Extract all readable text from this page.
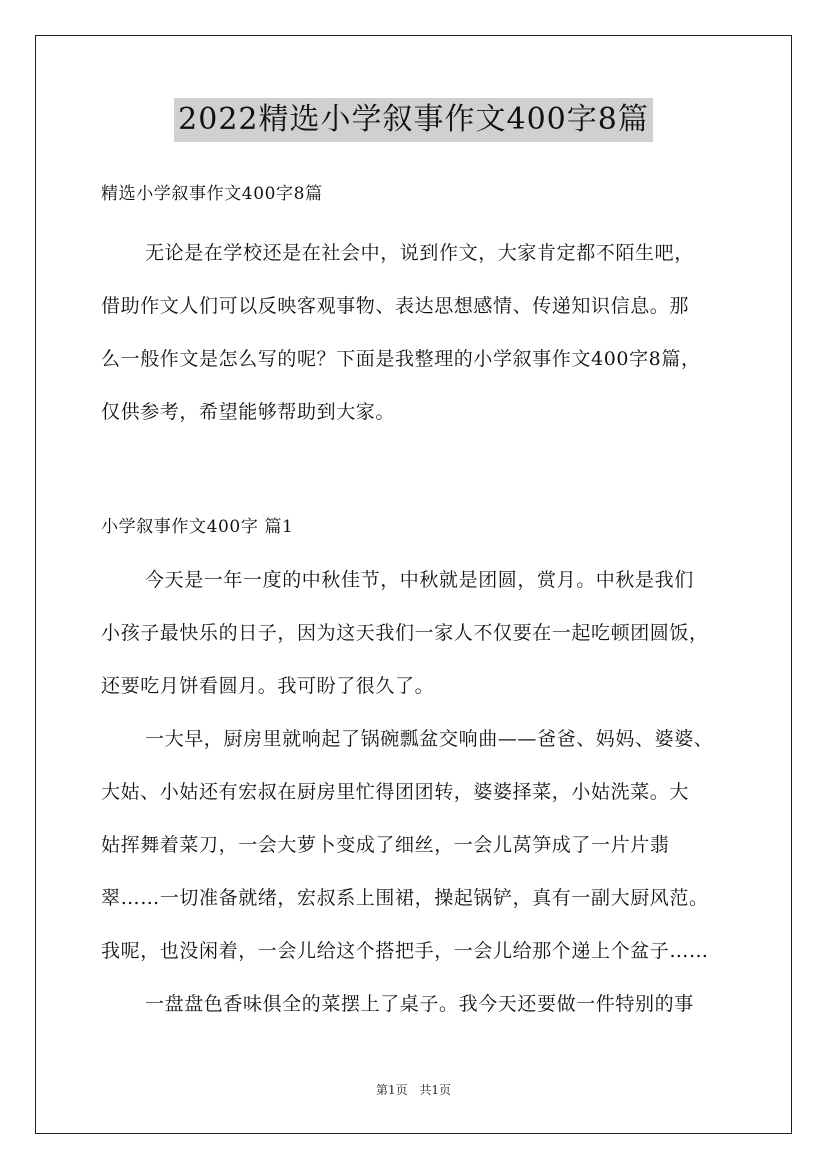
2022精选小学叙事作文400字8篇
精选小学叙事作文400字8篇
无论是在学校还是在社会中，说到作文，大家肯定都不陌生吧，
借助作文人们可以反映客观事物、表达思想感情、传递知识信息。那
么一般作文是怎么写的呢？下面是我整理的小学叙事作文400字8篇，
仅供参考，希望能够帮助到大家。
小学叙事作文400字 篇1
今天是一年一度的中秋佳节，中秋就是团圆，赏月。中秋是我们
小孩子最快乐的日子，因为这天我们一家人不仅要在一起吃顿团圆饭，
还要吃月饼看圆月。我可盼了很久了。
一大早，厨房里就响起了锅碗瓢盆交响曲——爸爸、妈妈、婆婆、
大姑、小姑还有宏叔在厨房里忙得团团转，婆婆择菜，小姑洗菜。大
姑挥舞着菜刀，一会大萝卜变成了细丝，一会儿莴笋成了一片片翡
翠……一切准备就绪，宏叔系上围裙，操起锅铲，真有一副大厨风范。
我呢，也没闲着，一会儿给这个搭把手，一会儿给那个递上个盆子……
一盘盘色香味俱全的菜摆上了桌子。我今天还要做一件特别的事
第1页 共1页
